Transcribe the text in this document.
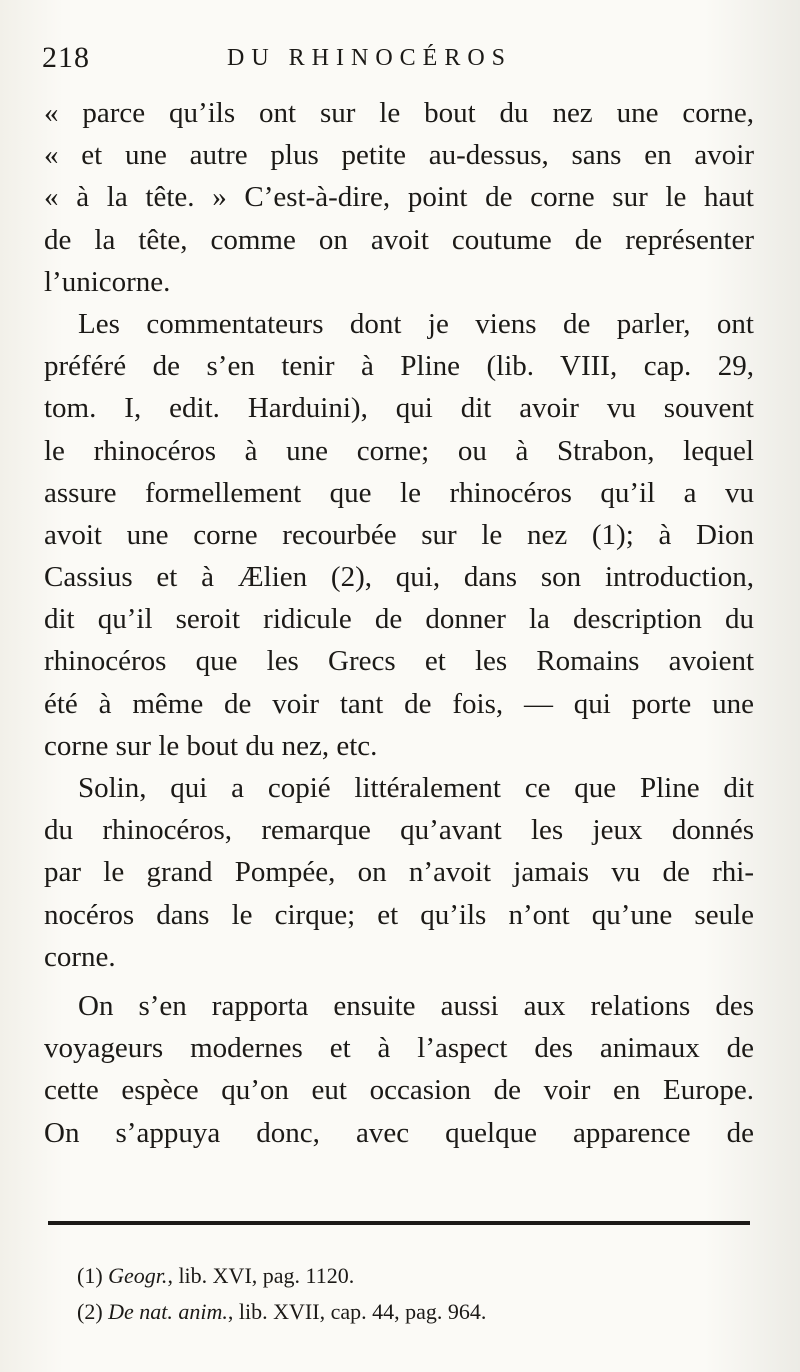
218	DU RHINOCÉROS
« parce qu’ils ont sur le bout du nez une corne,
« et une autre plus petite au-dessus, sans en avoir
« à la tête. » C’est-à-dire, point de corne sur le haut
de la tête, comme on avoit coutume de représenter
l’unicorne.
Les commentateurs dont je viens de parler, ont
préféré de s’en tenir à Pline (lib. VIII, cap. 29,
tom. I, edit. Harduini), qui dit avoir vu souvent
le rhinocéros à une corne; ou à Strabon, lequel
assure formellement que le rhinocéros qu’il a vu
avoit une corne recourbée sur le nez (1); à Dion
Cassius et à Ælien (2), qui, dans son introduction,
dit qu’il seroit ridicule de donner la description du
rhinocéros que les Grecs et les Romains avoient
été à même de voir tant de fois, — qui porte une
corne sur le bout du nez, etc.
Solin, qui a copié littéralement ce que Pline dit
du rhinocéros, remarque qu’avant les jeux donnés
par le grand Pompée, on n’avoit jamais vu de rhi-
nocéros dans le cirque; et qu’ils n’ont qu’une seule
corne.
On s’en rapporta ensuite aussi aux relations des
voyageurs modernes et à l’aspect des animaux de
cette espèce qu’on eut occasion de voir en Europe.
On s’appuya donc, avec quelque apparence de
(1) Geogr., lib. XVI, pag. 1120.
(2) De nat. anim., lib. XVII, cap. 44, pag. 964.
